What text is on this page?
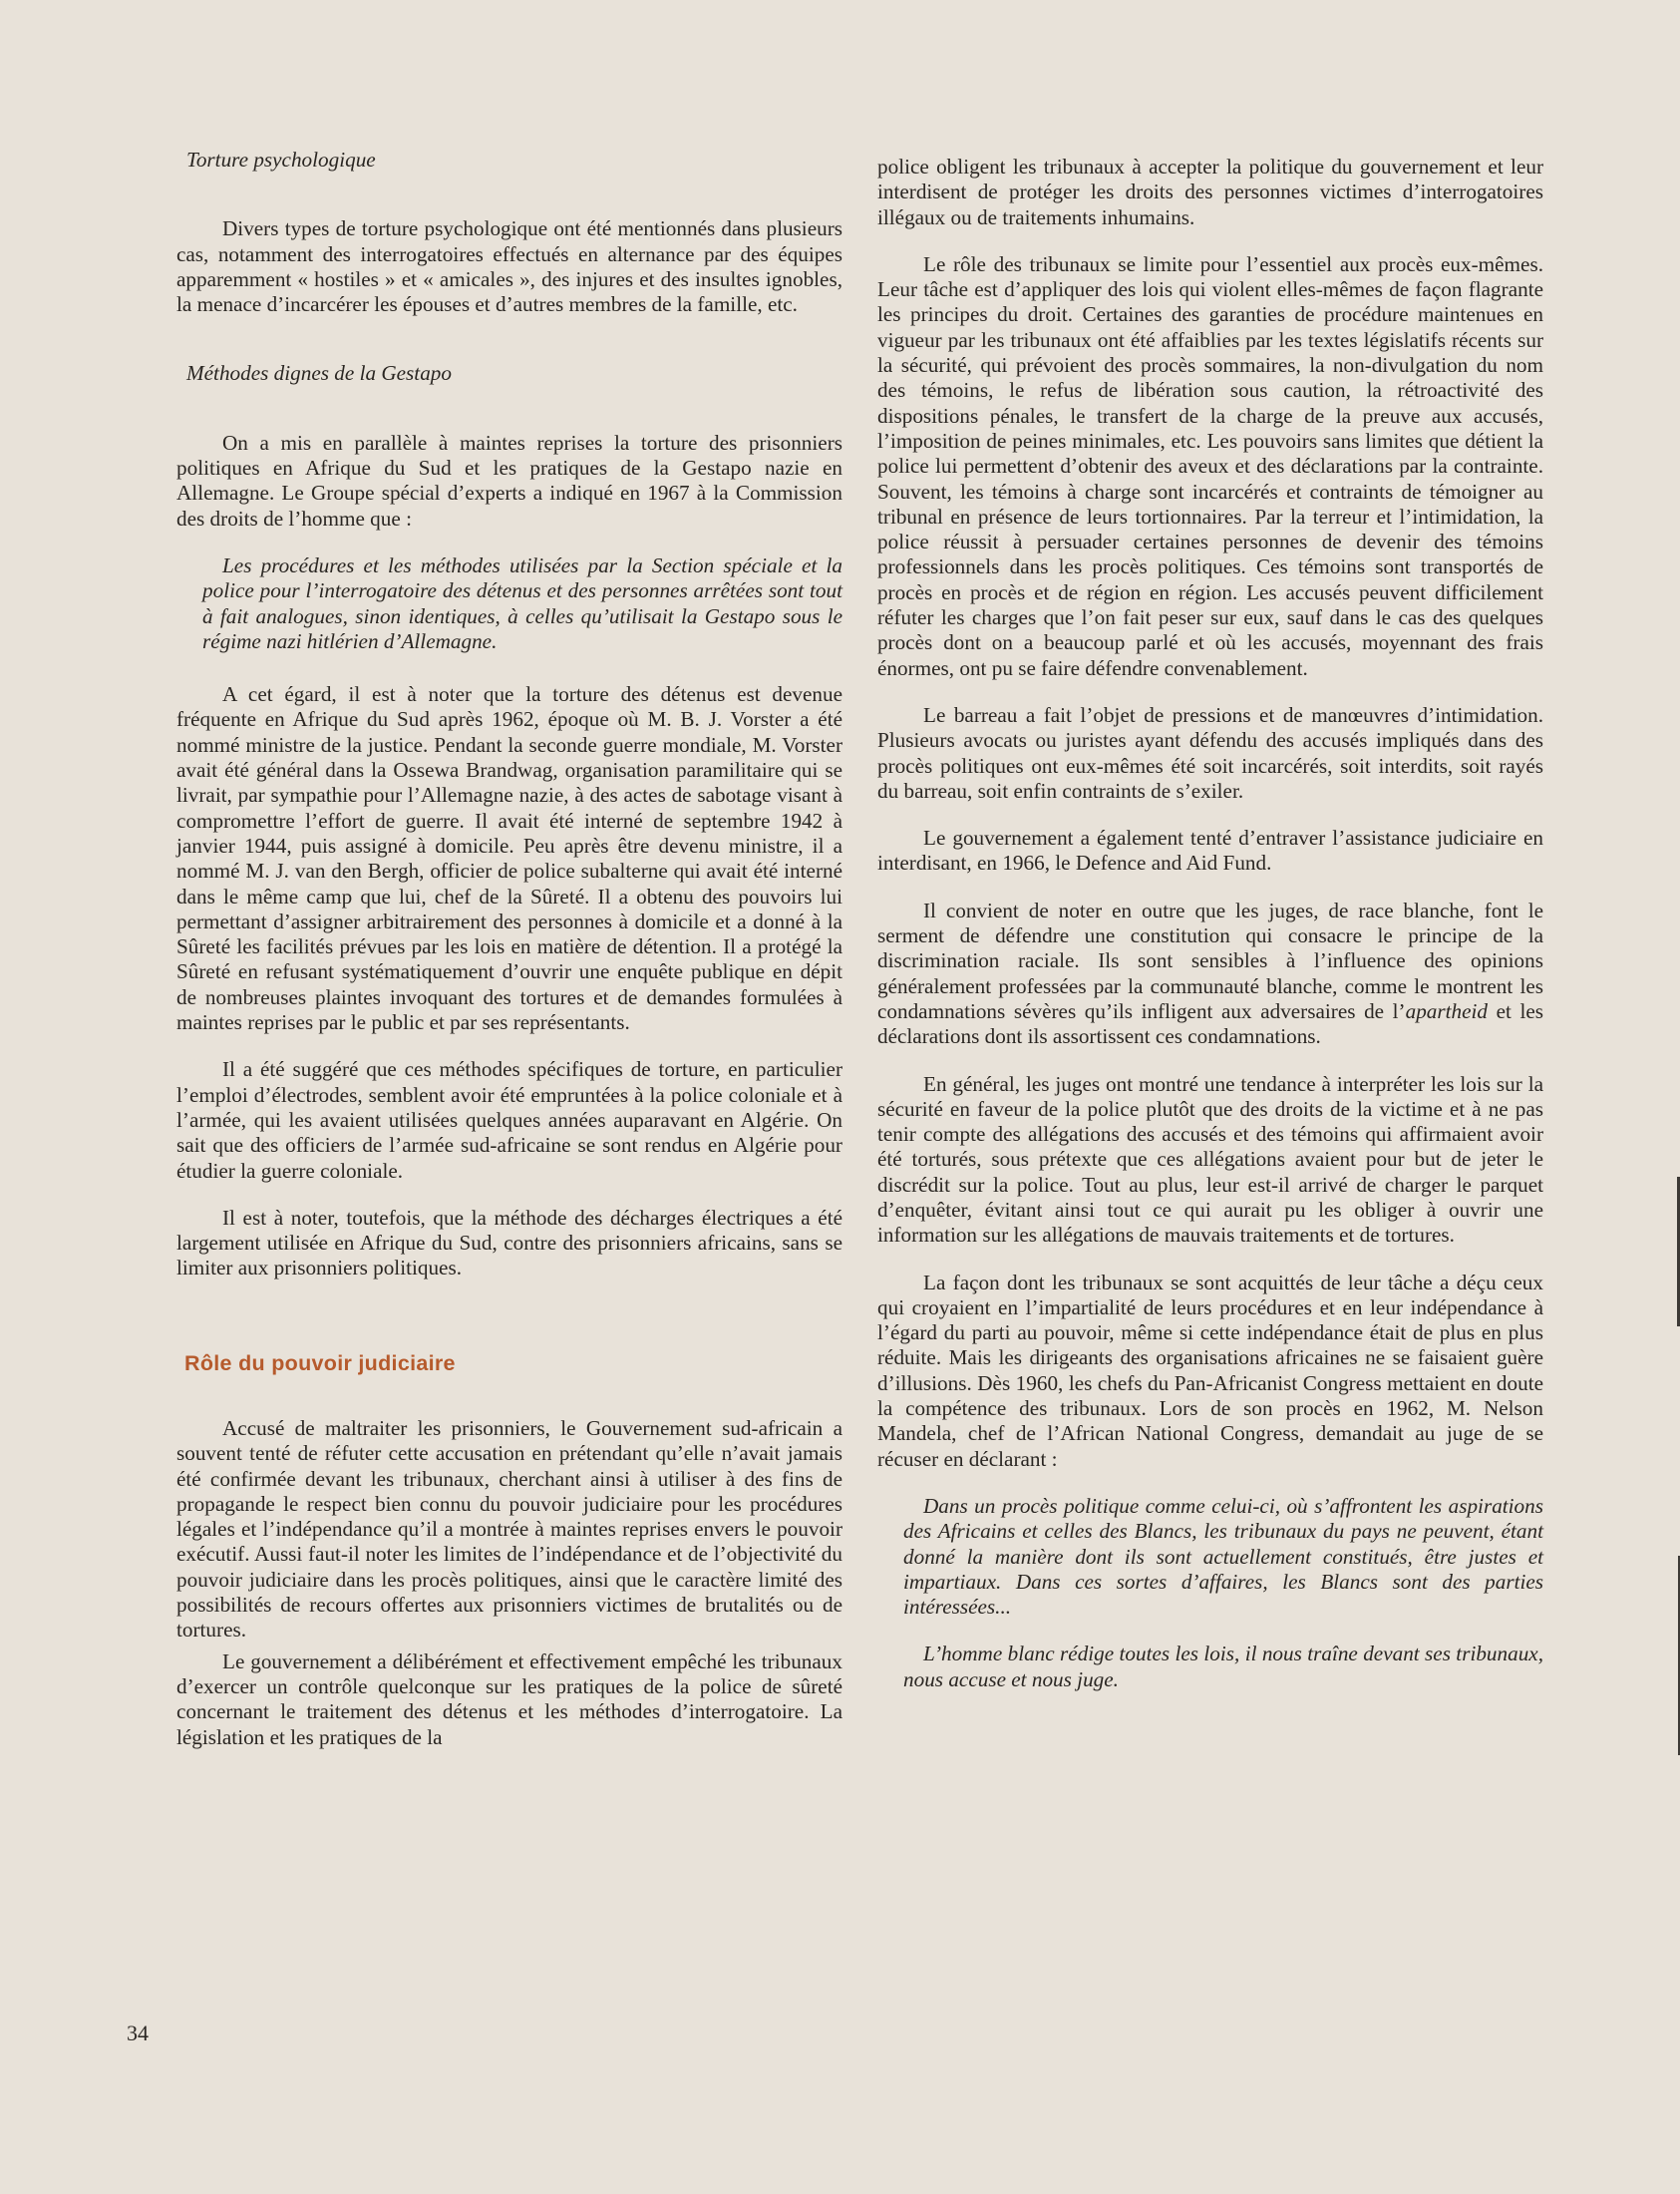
Torture psychologique

Divers types de torture psychologique ont été mentionnés dans plusieurs cas, notamment des interrogatoires effectués en alternance par des équipes apparemment « hostiles » et « amicales », des injures et des insultes ignobles, la menace d’incarcérer les épouses et d’autres membres de la famille, etc.

Méthodes dignes de la Gestapo

On a mis en parallèle à maintes reprises la torture des prisonniers politiques en Afrique du Sud et les pratiques de la Gestapo nazie en Allemagne. Le Groupe spécial d’experts a indiqué en 1967 à la Commission des droits de l’homme que :

Les procédures et les méthodes utilisées par la Section spéciale et la police pour l’interrogatoire des détenus et des personnes arrêtées sont tout à fait analogues, sinon identiques, à celles qu’utilisait la Gestapo sous le régime nazi hitlérien d’Allemagne.

A cet égard, il est à noter que la torture des détenus est devenue fréquente en Afrique du Sud après 1962, époque où M. B. J. Vorster a été nommé ministre de la justice. Pendant la seconde guerre mondiale, M. Vorster avait été général dans la Ossewa Brandwag, organisation paramilitaire qui se livrait, par sympathie pour l’Allemagne nazie, à des actes de sabotage visant à compromettre l’effort de guerre. Il avait été interné de septembre 1942 à janvier 1944, puis assigné à domicile. Peu après être devenu ministre, il a nommé M. J. van den Bergh, officier de police subalterne qui avait été interné dans le même camp que lui, chef de la Sûreté. Il a obtenu des pouvoirs lui permettant d’assigner arbitrairement des personnes à domicile et a donné à la Sûreté les facilités prévues par les lois en matière de détention. Il a protégé la Sûreté en refusant systématiquement d’ouvrir une enquête publique en dépit de nombreuses plaintes invoquant des tortures et de demandes formulées à maintes reprises par le public et par ses représentants.

Il a été suggéré que ces méthodes spécifiques de torture, en particulier l’emploi d’électrodes, semblent avoir été empruntées à la police coloniale et à l’armée, qui les avaient utilisées quelques années auparavant en Algérie. On sait que des officiers de l’armée sud-africaine se sont rendus en Algérie pour étudier la guerre coloniale.

Il est à noter, toutefois, que la méthode des décharges électriques a été largement utilisée en Afrique du Sud, contre des prisonniers africains, sans se limiter aux prisonniers politiques.

Rôle du pouvoir judiciaire

Accusé de maltraiter les prisonniers, le Gouvernement sud-africain a souvent tenté de réfuter cette accusation en prétendant qu’elle n’avait jamais été confirmée devant les tribunaux, cherchant ainsi à utiliser à des fins de propagande le respect bien connu du pouvoir judiciaire pour les procédures légales et l’indépendance qu’il a montrée à maintes reprises envers le pouvoir exécutif. Aussi faut-il noter les limites de l’indépendance et de l’objectivité du pouvoir judiciaire dans les procès politiques, ainsi que le caractère limité des possibilités de recours offertes aux prisonniers victimes de brutalités ou de tortures.

Le gouvernement a délibérément et effectivement empêché les tribunaux d’exercer un contrôle quelconque sur les pratiques de la police de sûreté concernant le traitement des détenus et les méthodes d’interrogatoire. La législation et les pratiques de la

police obligent les tribunaux à accepter la politique du gouvernement et leur interdisent de protéger les droits des personnes victimes d’interrogatoires illégaux ou de traitements inhumains.

Le rôle des tribunaux se limite pour l’essentiel aux procès eux-mêmes. Leur tâche est d’appliquer des lois qui violent elles-mêmes de façon flagrante les principes du droit. Certaines des garanties de procédure maintenues en vigueur par les tribunaux ont été affaiblies par les textes législatifs récents sur la sécurité, qui prévoient des procès sommaires, la non-divulgation du nom des témoins, le refus de libération sous caution, la rétroactivité des dispositions pénales, le transfert de la charge de la preuve aux accusés, l’imposition de peines minimales, etc. Les pouvoirs sans limites que détient la police lui permettent d’obtenir des aveux et des déclarations par la contrainte. Souvent, les témoins à charge sont incarcérés et contraints de témoigner au tribunal en présence de leurs tortionnaires. Par la terreur et l’intimidation, la police réussit à persuader certaines personnes de devenir des témoins professionnels dans les procès politiques. Ces témoins sont transportés de procès en procès et de région en région. Les accusés peuvent difficilement réfuter les charges que l’on fait peser sur eux, sauf dans le cas des quelques procès dont on a beaucoup parlé et où les accusés, moyennant des frais énormes, ont pu se faire défendre convenablement.

Le barreau a fait l’objet de pressions et de manœuvres d’intimidation. Plusieurs avocats ou juristes ayant défendu des accusés impliqués dans des procès politiques ont eux-mêmes été soit incarcérés, soit interdits, soit rayés du barreau, soit enfin contraints de s’exiler.

Le gouvernement a également tenté d’entraver l’assistance judiciaire en interdisant, en 1966, le Defence and Aid Fund.

Il convient de noter en outre que les juges, de race blanche, font le serment de défendre une constitution qui consacre le principe de la discrimination raciale. Ils sont sensibles à l’influence des opinions généralement professées par la communauté blanche, comme le montrent les condamnations sévères qu’ils infligent aux adversaires de l’apartheid et les déclarations dont ils assortissent ces condamnations.

En général, les juges ont montré une tendance à interpréter les lois sur la sécurité en faveur de la police plutôt que des droits de la victime et à ne pas tenir compte des allégations des accusés et des témoins qui affirmaient avoir été torturés, sous prétexte que ces allégations avaient pour but de jeter le discrédit sur la police. Tout au plus, leur est-il arrivé de charger le parquet d’enquêter, évitant ainsi tout ce qui aurait pu les obliger à ouvrir une information sur les allégations de mauvais traitements et de tortures.

La façon dont les tribunaux se sont acquittés de leur tâche a déçu ceux qui croyaient en l’impartialité de leurs procédures et en leur indépendance à l’égard du parti au pouvoir, même si cette indépendance était de plus en plus réduite. Mais les dirigeants des organisations africaines ne se faisaient guère d’illusions. Dès 1960, les chefs du Pan-Africanist Congress mettaient en doute la compétence des tribunaux. Lors de son procès en 1962, M. Nelson Mandela, chef de l’African National Congress, demandait au juge de se récuser en déclarant :

Dans un procès politique comme celui-ci, où s’affrontent les aspirations des Africains et celles des Blancs, les tribunaux du pays ne peuvent, étant donné la manière dont ils sont actuellement constitués, être justes et impartiaux. Dans ces sortes d’affaires, les Blancs sont des parties intéressées...

L’homme blanc rédige toutes les lois, il nous traîne devant ses tribunaux, nous accuse et nous juge.

34
